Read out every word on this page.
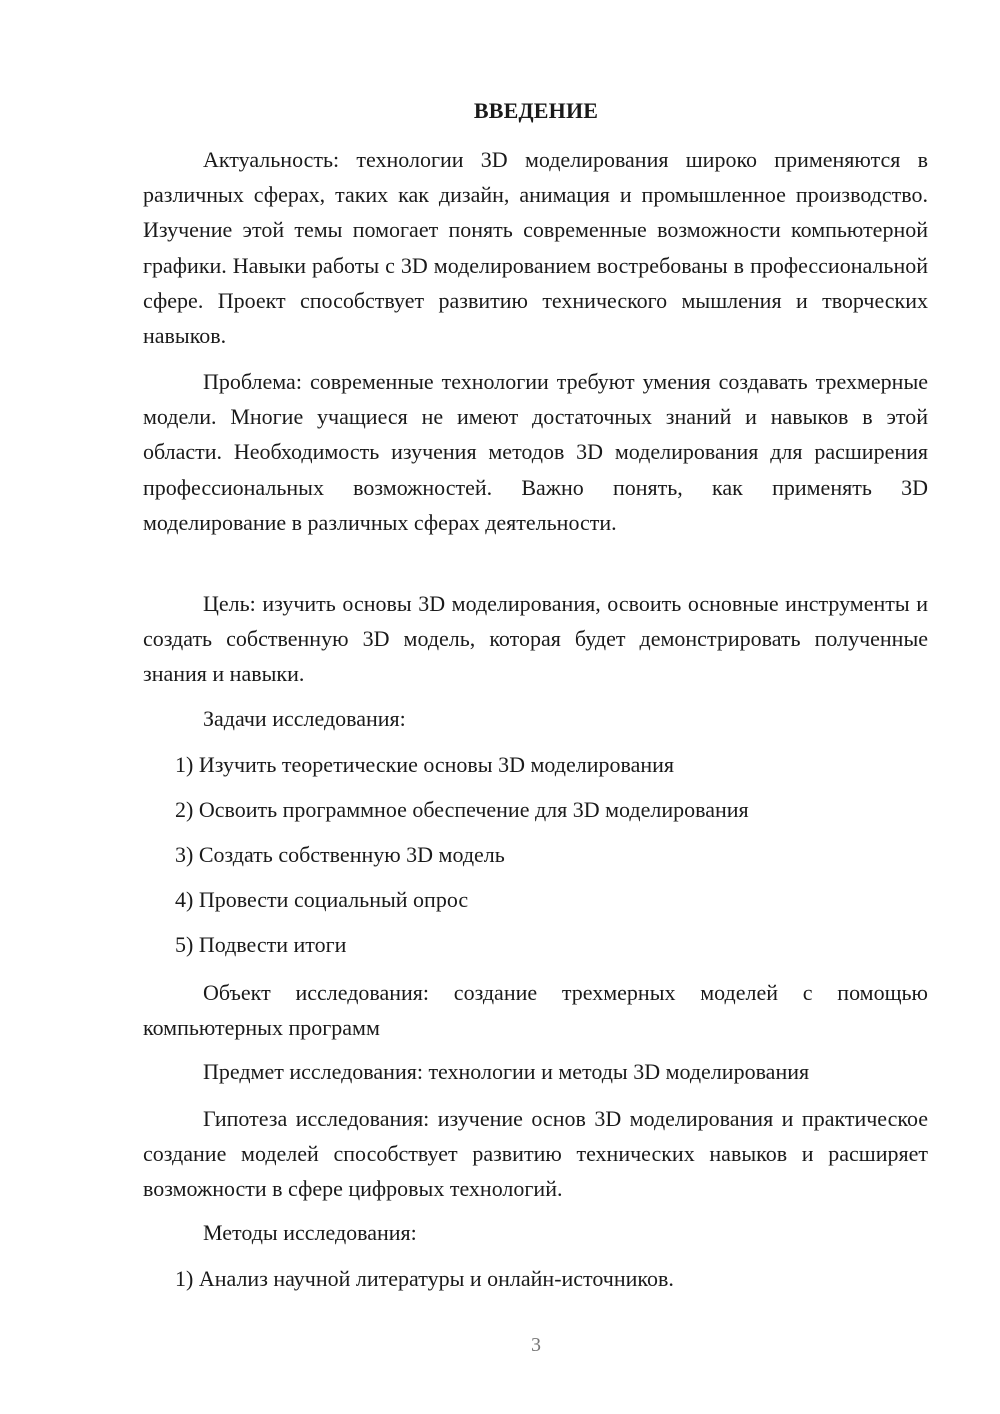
ВВЕДЕНИЕ
Актуальность: технологии 3D моделирования широко применяются в различных сферах, таких как дизайн, анимация и промышленное производство. Изучение этой темы помогает понять современные возможности компьютерной графики. Навыки работы с 3D моделированием востребованы в профессиональной сфере. Проект способствует развитию технического мышления и творческих навыков.
Проблема: современные технологии требуют умения создавать трехмерные модели. Многие учащиеся не имеют достаточных знаний и навыков в этой области. Необходимость изучения методов 3D моделирования для расширения профессиональных возможностей. Важно понять, как применять 3D моделирование в различных сферах деятельности.
Цель: изучить основы 3D моделирования, освоить основные инструменты и создать собственную 3D модель, которая будет демонстрировать полученные знания и навыки.
Задачи исследования:
1) Изучить теоретические основы 3D моделирования
2) Освоить программное обеспечение для 3D моделирования
3) Создать собственную 3D модель
4) Провести социальный опрос
5) Подвести итоги
Объект исследования: создание трехмерных моделей с помощью компьютерных программ
Предмет исследования: технологии и методы 3D моделирования
Гипотеза исследования: изучение основ 3D моделирования и практическое создание моделей способствует развитию технических навыков и расширяет возможности в сфере цифровых технологий.
Методы исследования:
1) Анализ научной литературы и онлайн-источников.
3
